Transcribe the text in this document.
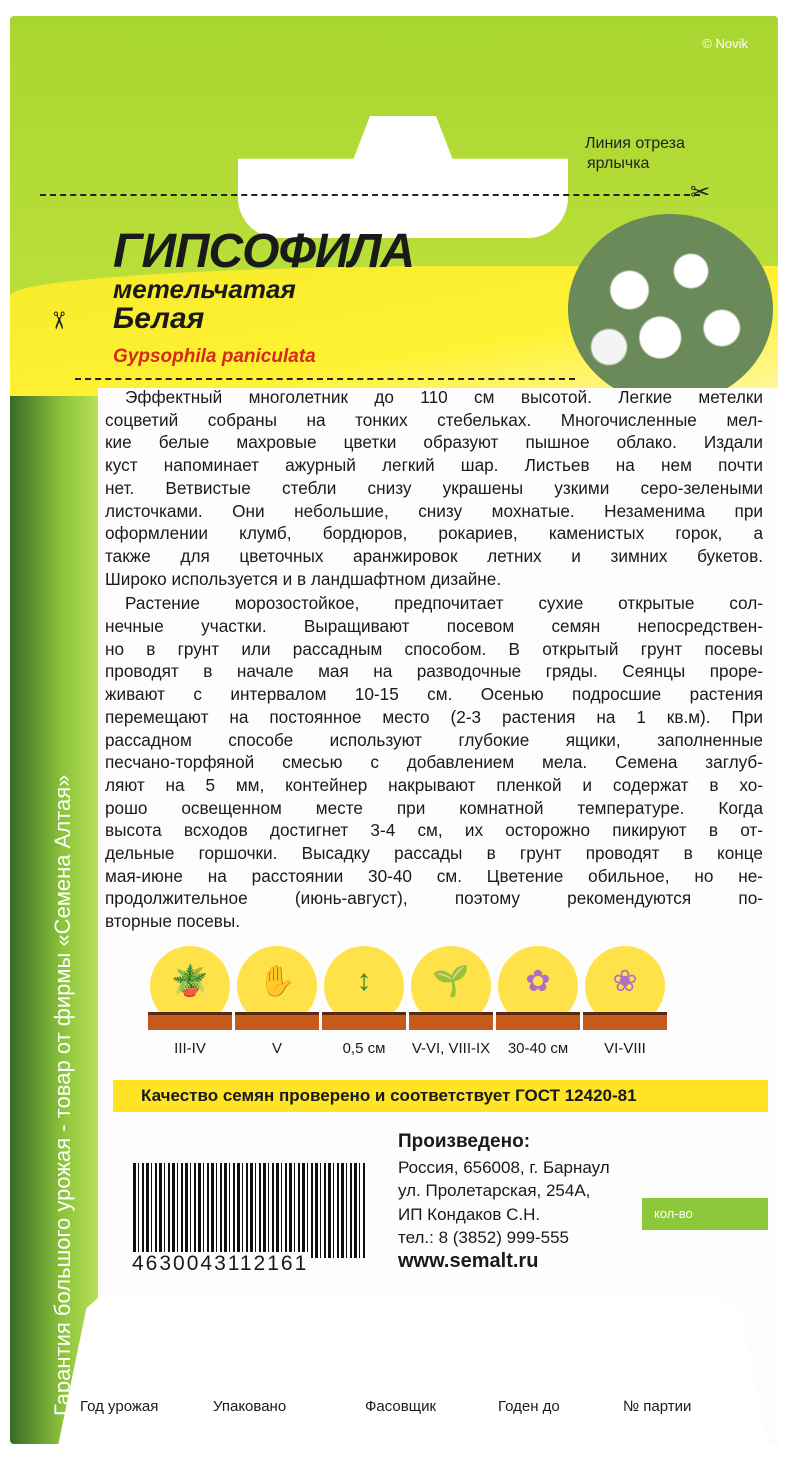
© Novik
Линия отреза
ярлычка
✂
✂
Гарантия большого урожая - товар от фирмы «Семена Алтая»
ГИПСОФИЛА
метельчатая
Белая
Gypsophila paniculata
Эффектный многолетник до 110 см высотой. Легкие метелки
соцветий собраны на тонких стебельках. Многочисленные мел-
кие белые махровые цветки образуют пышное облако. Издали
куст напоминает ажурный легкий шар. Листьев на нем почти
нет. Ветвистые стебли снизу украшены узкими серо-зелеными
листочками. Они небольшие, снизу мохнатые. Незаменима при
оформлении клумб, бордюров, рокариев, каменистых горок, а
также для цветочных аранжировок летних и зимних букетов.
Широко используется и в ландшафтном дизайне.
Растение морозостойкое, предпочитает сухие открытые сол-
нечные участки. Выращивают посевом семян непосредствен-
но в грунт или рассадным способом. В открытый грунт посевы
проводят в начале мая на разводочные гряды. Сеянцы проре-
живают с интервалом 10-15 см. Осенью подросшие растения
перемещают на постоянное место (2-3 растения на 1 кв.м). При
рассадном способе используют глубокие ящики, заполненные
песчано-торфяной смесью с добавлением мела. Семена заглуб-
ляют на 5 мм, контейнер накрывают пленкой и содержат в хо-
рошо освещенном месте при комнатной температуре. Когда
высота всходов достигнет 3-4 см, их осторожно пикируют в от-
дельные горшочки. Высадку рассады в грунт проводят в конце
мая-июне на расстоянии 30-40 см. Цветение обильное, но не-
продолжительное (июнь-август), поэтому рекомендуются по-
вторные посевы.
🪴	✋	↕	🌱	✿	❀
III-IV	V	0,5 см	V-VI, VIII-IX	30-40 см	VI-VIII
Качество семян проверено и соответствует ГОСТ 12420-81
Произведено:
Россия, 656008, г. Барнаул
ул. Пролетарская, 254А,
ИП Кондаков С.Н.
тел.: 8 (3852) 999-555
www.semalt.ru
4630043112161
кол-во
Год урожая	Упаковано	Фасовщик	Годен до	№ партии
